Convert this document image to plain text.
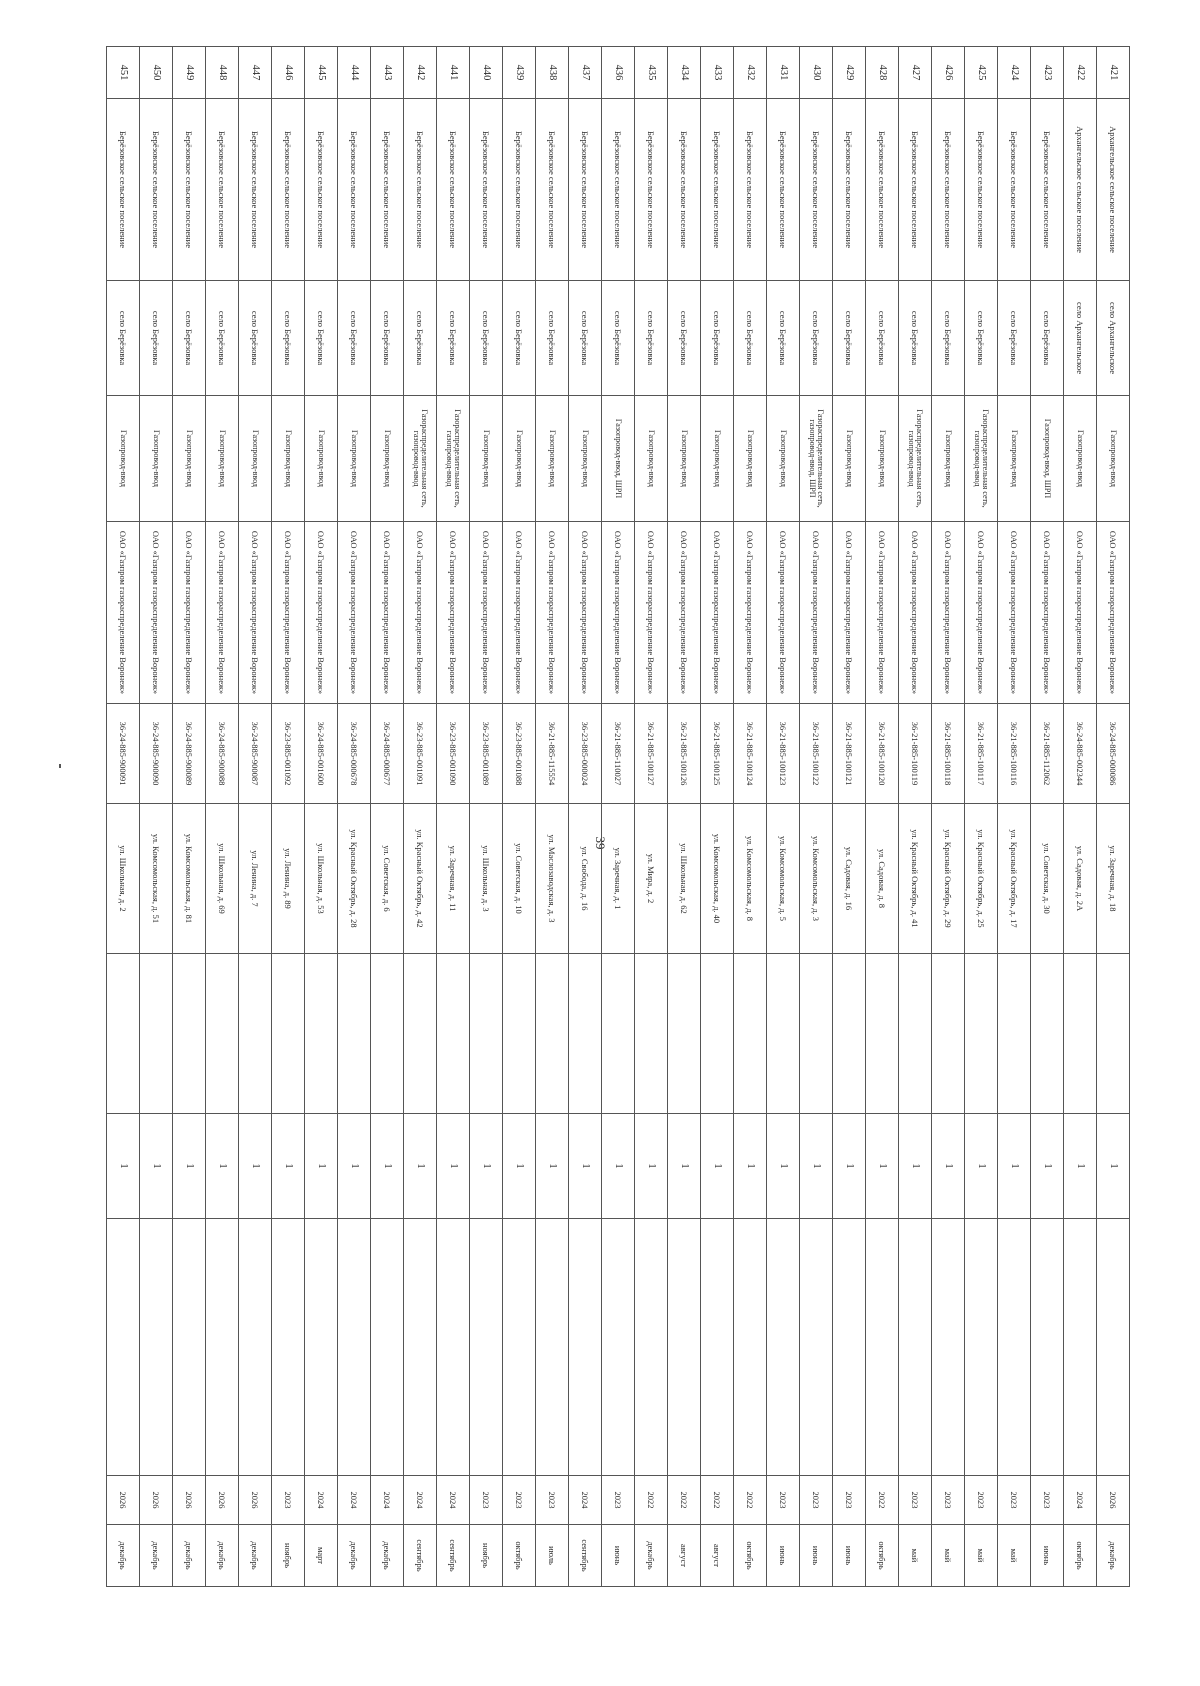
39
421	Архангельское сельское поселение	село Архангельское	Газопровод-ввод	ОАО «Газпром газораспределение Воронеж»	36-24-885-000086	ул. Заречная, д. 18		1		2026	декабрь
422	Архангельское сельское поселение	село Архангельское	Газопровод-ввод	ОАО «Газпром газораспределение Воронеж»	36-24-885-002344	ул. Садовая, д. 2А		1		2024	октябрь
423	Берёзовское сельское поселение	село Берёзовка	Газопровод-ввод, ШРП	ОАО «Газпром газораспределение Воронеж»	36-21-885-112062	ул. Советская, д. 30		1		2023	июнь
424	Берёзовское сельское поселение	село Берёзовка	Газопровод-ввод	ОАО «Газпром газораспределение Воронеж»	36-21-885-100116	ул. Красный Октябрь, д. 17		1		2023	май
425	Берёзовское сельское поселение	село Берёзовка	Газораспределительная сеть, газопровод-ввод	ОАО «Газпром газораспределение Воронеж»	36-21-885-100117	ул. Красный Октябрь, д. 25		1		2023	май
426	Берёзовское сельское поселение	село Берёзовка	Газопровод-ввод	ОАО «Газпром газораспределение Воронеж»	36-21-885-100118	ул. Красный Октябрь, д. 29		1		2023	май
427	Берёзовское сельское поселение	село Берёзовка	Газораспределительная сеть, газопровод-ввод	ОАО «Газпром газораспределение Воронеж»	36-21-885-100119	ул. Красный Октябрь, д. 41		1		2023	май
428	Берёзовское сельское поселение	село Берёзовка	Газопровод-ввод	ОАО «Газпром газораспределение Воронеж»	36-21-885-100120	ул. Садовая, д. 8		1		2022	октябрь
429	Берёзовское сельское поселение	село Берёзовка	Газопровод-ввод	ОАО «Газпром газораспределение Воронеж»	36-21-885-100121	ул. Садовая, д. 16		1		2023	июнь
430	Берёзовское сельское поселение	село Берёзовка	Газораспределительная сеть, газопровод-ввод, ШРП	ОАО «Газпром газораспределение Воронеж»	36-21-885-100122	ул. Комсомольская, д. 3		1		2023	июнь
431	Берёзовское сельское поселение	село Берёзовка	Газопровод-ввод	ОАО «Газпром газораспределение Воронеж»	36-21-885-100123	ул. Комсомольская, д. 5		1		2023	июнь
432	Берёзовское сельское поселение	село Берёзовка	Газопровод-ввод	ОАО «Газпром газораспределение Воронеж»	36-21-885-100124	ул. Комсомольская, д. 8		1		2022	октябрь
433	Берёзовское сельское поселение	село Берёзовка	Газопровод-ввод	ОАО «Газпром газораспределение Воронеж»	36-21-885-100125	ул. Комсомольская, д. 40		1		2022	август
434	Берёзовское сельское поселение	село Берёзовка	Газопровод-ввод	ОАО «Газпром газораспределение Воронеж»	36-21-885-100126	ул. Школьная, д. 62		1		2022	август
435	Берёзовское сельское поселение	село Берёзовка	Газопровод-ввод	ОАО «Газпром газораспределение Воронеж»	36-21-885-100127	ул. Мира, д. 2		1		2022	декабрь
436	Берёзовское сельское поселение	село Берёзовка	Газопровод-ввод, ШРП	ОАО «Газпром газораспределение Воронеж»	36-21-885-110027	ул. Заречная, д. 1		1		2023	июнь
437	Берёзовское сельское поселение	село Берёзовка	Газопровод-ввод	ОАО «Газпром газораспределение Воронеж»	36-23-885-000024	ул. Свобода, д. 16		1		2024	сентябрь
438	Берёзовское сельское поселение	село Берёзовка	Газопровод-ввод	ОАО «Газпром газораспределение Воронеж»	36-21-885-115554	ул. Маслозаводская, д. 3		1		2023	июль
439	Берёзовское сельское поселение	село Берёзовка	Газопровод-ввод	ОАО «Газпром газораспределение Воронеж»	36-23-885-001088	ул. Советская, д. 10		1		2023	октябрь
440	Берёзовское сельское поселение	село Берёзовка	Газопровод-ввод	ОАО «Газпром газораспределение Воронеж»	36-23-885-001089	ул. Школьная, д. 3		1		2023	ноябрь
441	Берёзовское сельское поселение	село Берёзовка	Газораспределительная сеть, газопровод-ввод	ОАО «Газпром газораспределение Воронеж»	36-23-885-001090	ул. Заречная, д. 11		1		2024	сентябрь
442	Берёзовское сельское поселение	село Берёзовка	Газораспределительная сеть, газопровод-ввод	ОАО «Газпром газораспределение Воронеж»	36-23-885-001091	ул. Красный Октябрь, д. 42		1		2024	сентябрь
443	Берёзовское сельское поселение	село Берёзовка	Газопровод-ввод	ОАО «Газпром газораспределение Воронеж»	36-24-885-000677	ул. Советская, д. 6		1		2024	декабрь
444	Берёзовское сельское поселение	село Берёзовка	Газопровод-ввод	ОАО «Газпром газораспределение Воронеж»	36-24-885-000678	ул. Красный Октябрь, д. 28		1		2024	декабрь
445	Берёзовское сельское поселение	село Берёзовка	Газопровод-ввод	ОАО «Газпром газораспределение Воронеж»	36-24-885-001600	ул. Школьная, д. 53		1		2024	март
446	Берёзовское сельское поселение	село Берёзовка	Газопровод-ввод	ОАО «Газпром газораспределение Воронеж»	36-23-885-001092	ул. Ленина, д. 89		1		2023	ноябрь
447	Берёзовское сельское поселение	село Берёзовка	Газопровод-ввод	ОАО «Газпром газораспределение Воронеж»	36-24-885-900087	ул. Ленина, д. 7		1		2026	декабрь
448	Берёзовское сельское поселение	село Берёзовка	Газопровод-ввод	ОАО «Газпром газораспределение Воронеж»	36-24-885-900088	ул. Школьная, д. 69		1		2026	декабрь
449	Берёзовское сельское поселение	село Берёзовка	Газопровод-ввод	ОАО «Газпром газораспределение Воронеж»	36-24-885-900089	ул. Комсомольская, д. 81		1		2026	декабрь
450	Берёзовское сельское поселение	село Берёзовка	Газопровод-ввод	ОАО «Газпром газораспределение Воронеж»	36-24-885-900090	ул. Комсомольская, д. 51		1		2026	декабрь
451	Берёзовское сельское поселение	село Берёзовка	Газопровод-ввод	ОАО «Газпром газораспределение Воронеж»	36-24-885-900091	ул. Школьная, д. 2		1		2026	декабрь
